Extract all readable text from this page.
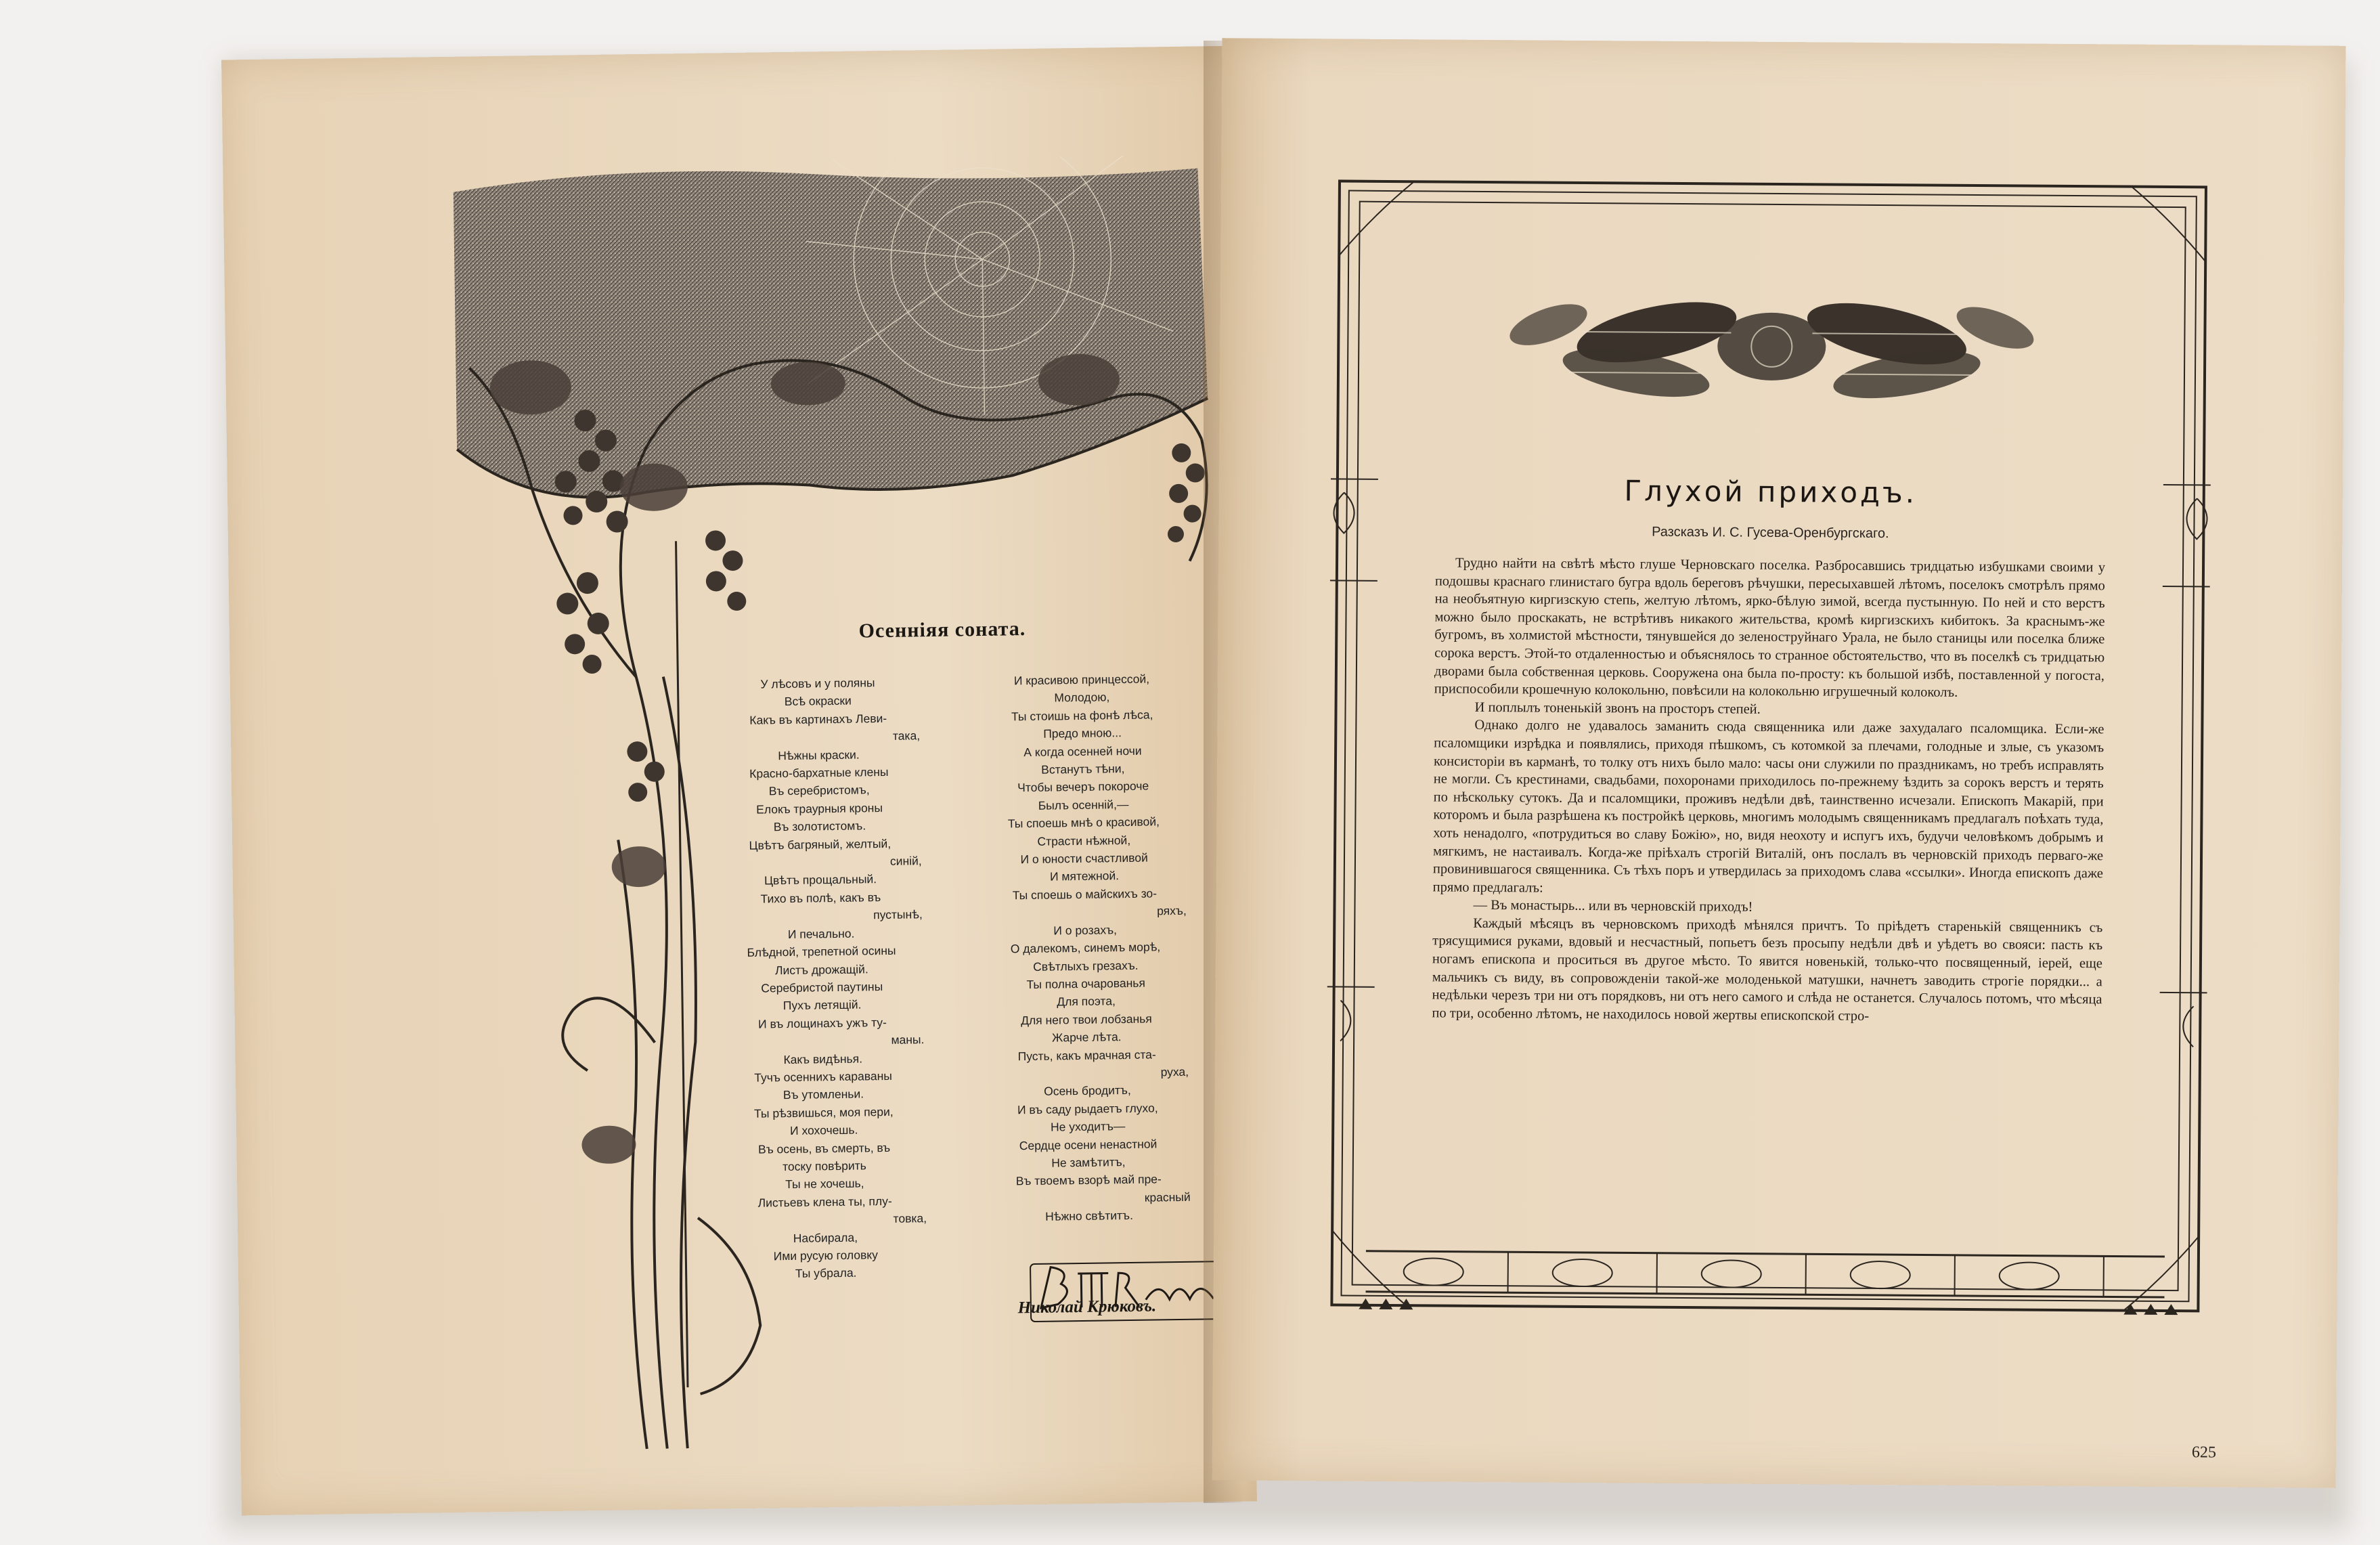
Осеннiяя соната.
У лѣсовъ и у поляны
Всѣ окраски
Какъ въ картинахъ Леви-
така,
Нѣжны краски.
Красно-бархатные клены
Въ серебристомъ,
Елокъ траурныя кроны
Въ золотистомъ.
Цвѣтъ багряный, желтый,
синiй,
Цвѣтъ прощальный.
Тихо въ полѣ, какъ въ
пустынѣ,
И печально.
Блѣдной, трепетной осины
Листъ дрожащiй.
Серебристой паутины
Пухъ летящiй.
И въ лощинахъ ужъ ту-
маны.
Какъ видѣнья.
Тучъ осеннихъ караваны
Въ утомленьи.
Ты рѣзвишься, моя пери,
И хохочешь.
Въ осень, въ смерть, въ
тоску повѣрить
Ты не хочешь,
Листьевъ клена ты, плу-
товка,
Насбирала,
Ими русую головку
Ты убрала.
И красивою принцессой,
Молодою,
Ты стоишь на фонѣ лѣса,
Предо мною...
А когда осенней ночи
Встанутъ тѣни,
Чтобы вечеръ покороче
Былъ осеннiй,—
Ты споешь мнѣ о красивой,
Страсти нѣжной,
И о юности счастливой
И мятежной.
Ты споешь о майскихъ зо-
ряхъ,
И о розахъ,
О далекомъ, синемъ морѣ,
Свѣтлыхъ грезахъ.
Ты полна очарованья
Для поэта,
Для него твои лобзанья
Жарче лѣта.
Пусть, какъ мрачная ста-
руха,
Осень бродитъ,
И въ саду рыдаетъ глухо,
Не уходитъ—
Сердце осени ненастной
Не замѣтитъ,
Въ твоемъ взорѣ май пре-
красный
Нѣжно свѣтитъ.
Николай Крюковъ.
Глухой приходъ.
Разсказъ И. С. Гусева-Оренбургскаго.

Трудно найти на свѣтѣ мѣсто глуше Черновскаго поселка. Разбросавшись тридцатью избушками своими у подошвы краснаго глинистаго бугра вдоль береговъ рѣчушки, пересыхавшей лѣтомъ, поселокъ смотрѣлъ прямо на необъятную киргизскую степь, желтую лѣтомъ, ярко-бѣлую зимой, всегда пустынную. По ней и сто верстъ можно было проскакать, не встрѣтивъ никакого жительства, кромѣ киргизскихъ кибитокъ. За краснымъ-же бугромъ, въ холмистой мѣстности, тянувшейся до зеленоструйнаго Урала, не было станицы или поселка ближе сорока верстъ. Этой-то отдаленностью и объяснялось то странное обстоятельство, что въ поселкѣ съ тридцатью дворами была собственная церковь. Сооружена она была по-просту: къ большой избѣ, поставленной у погоста, приспособили крошечную колокольню, повѣсили на колокольню игрушечный колоколъ.

И поплылъ тоненькiй звонъ на просторъ степей.

Однако долго не удавалось заманить сюда священника или даже захудалаго псаломщика. Если-же псаломщики изрѣдка и появлялись, приходя пѣшкомъ, съ котомкой за плечами, голодные и злые, съ указомъ консисторiи въ карманѣ, то толку отъ нихъ было мало: часы они служили по праздникамъ, но требъ исправлять не могли. Съ крестинами, свадьбами, похоронами приходилось по-прежнему ѣздить за сорокъ верстъ и терять по нѣскольку сутокъ. Да и псаломщики, проживъ недѣли двѣ, таинственно исчезали. Епископъ Макарiй, при которомъ и была разрѣшена къ постройкѣ церковь, многимъ молодымъ священникамъ предлагалъ поѣхать туда, хоть ненадолго, «потрудиться во славу Божiю», но, видя неохоту и испугъ ихъ, будучи человѣкомъ добрымъ и мягкимъ, не настаивалъ. Когда-же прiѣхалъ строгiй Виталiй, онъ послалъ въ черновскiй приходъ перваго-же провинившагося священника. Съ тѣхъ поръ и утвердилась за приходомъ слава «ссылки». Иногда епископъ даже прямо предлагалъ:

— Въ монастырь... или въ черновскiй приходъ!

Каждый мѣсяцъ въ черновскомъ приходѣ мѣнялся причтъ. То прiѣдетъ старенькiй священникъ съ трясущимися руками, вдовый и несчастный, попьетъ безъ просыпу недѣли двѣ и уѣдетъ во свояси: пасть къ ногамъ епископа и проситься въ другое мѣсто. То явится новенькiй, только-что посвященный, iерей, еще мальчикъ съ виду, въ сопровожденiи такой-же молоденькой матушки, начнетъ заводить строгiе порядки... а недѣльки черезъ три ни отъ порядковъ, ни отъ него самого и слѣда не останется. Случалось потомъ, что мѣсяца по три, особенно лѣтомъ, не находилось новой жертвы епископской стро-

625
